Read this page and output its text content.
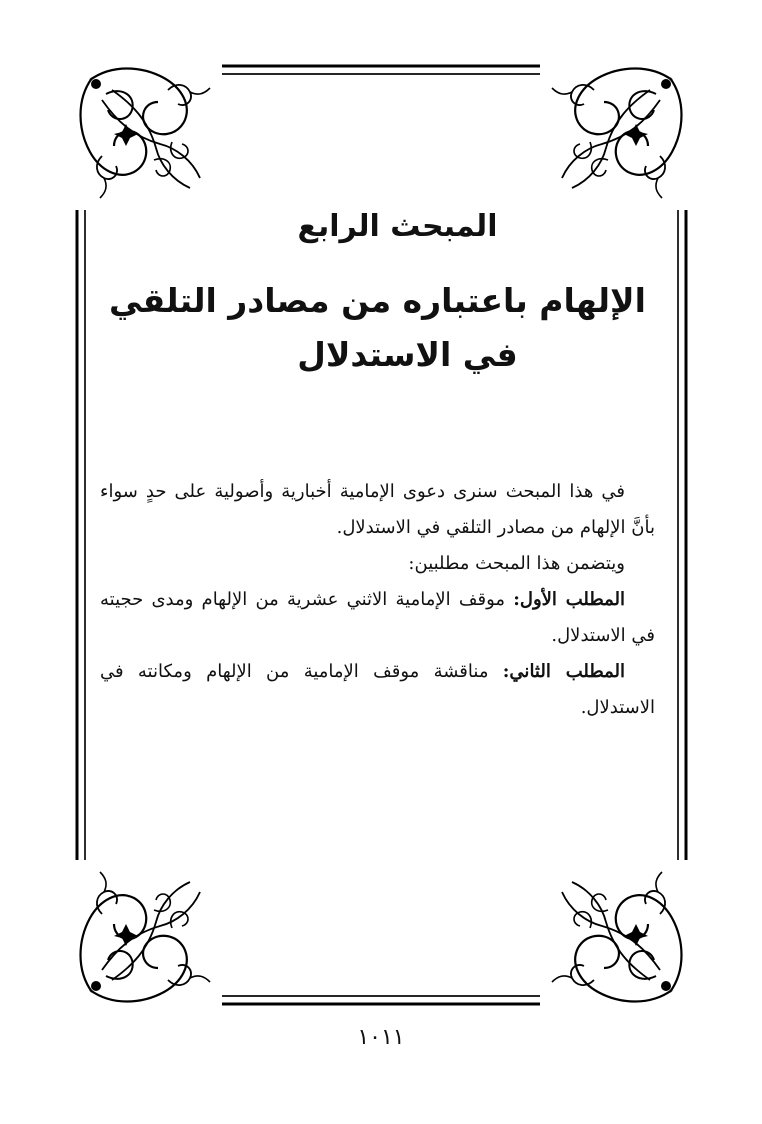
المبحث الرابع
الإلهام باعتباره من مصادر التلقي
في الاستدلال

في هذا المبحث سنرى دعوى الإمامية أخبارية وأصولية على حدٍ سواء بأنَّ الإلهام من مصادر التلقي في الاستدلال.

ويتضمن هذا المبحث مطلبين:

المطلب الأول: موقف الإمامية الاثني عشرية من الإلهام ومدى حجيته في الاستدلال.

المطلب الثاني: مناقشة موقف الإمامية من الإلهام ومكانته في الاستدلال.

١٠١١
